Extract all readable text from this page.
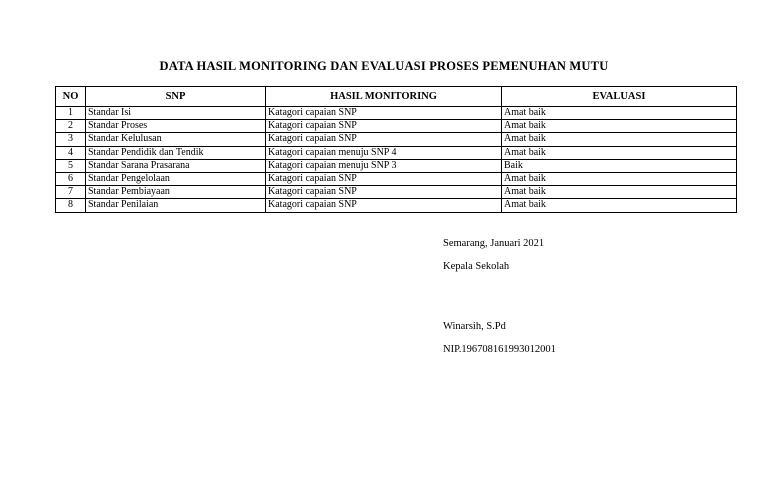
DATA HASIL MONITORING DAN EVALUASI PROSES PEMENUHAN MUTU
NO	SNP	HASIL MONITORING	EVALUASI
1	Standar Isi	Katagori capaian SNP	Amat baik
2	Standar Proses	Katagori capaian SNP	Amat baik
3	Standar Kelulusan	Katagori capaian SNP	Amat baik
4	Standar Pendidik dan Tendik	Katagori capaian menuju SNP 4	Amat baik
5	Standar Sarana Prasarana	Katagori capaian menuju SNP 3	Baik
6	Standar Pengelolaan	Katagori capaian SNP	Amat baik
7	Standar Pembiayaan	Katagori capaian SNP	Amat baik
8	Standar Penilaian	Katagori capaian SNP	Amat baik
Semarang, Januari 2021
Kepala Sekolah
Winarsih, S.Pd
NIP.196708161993012001
